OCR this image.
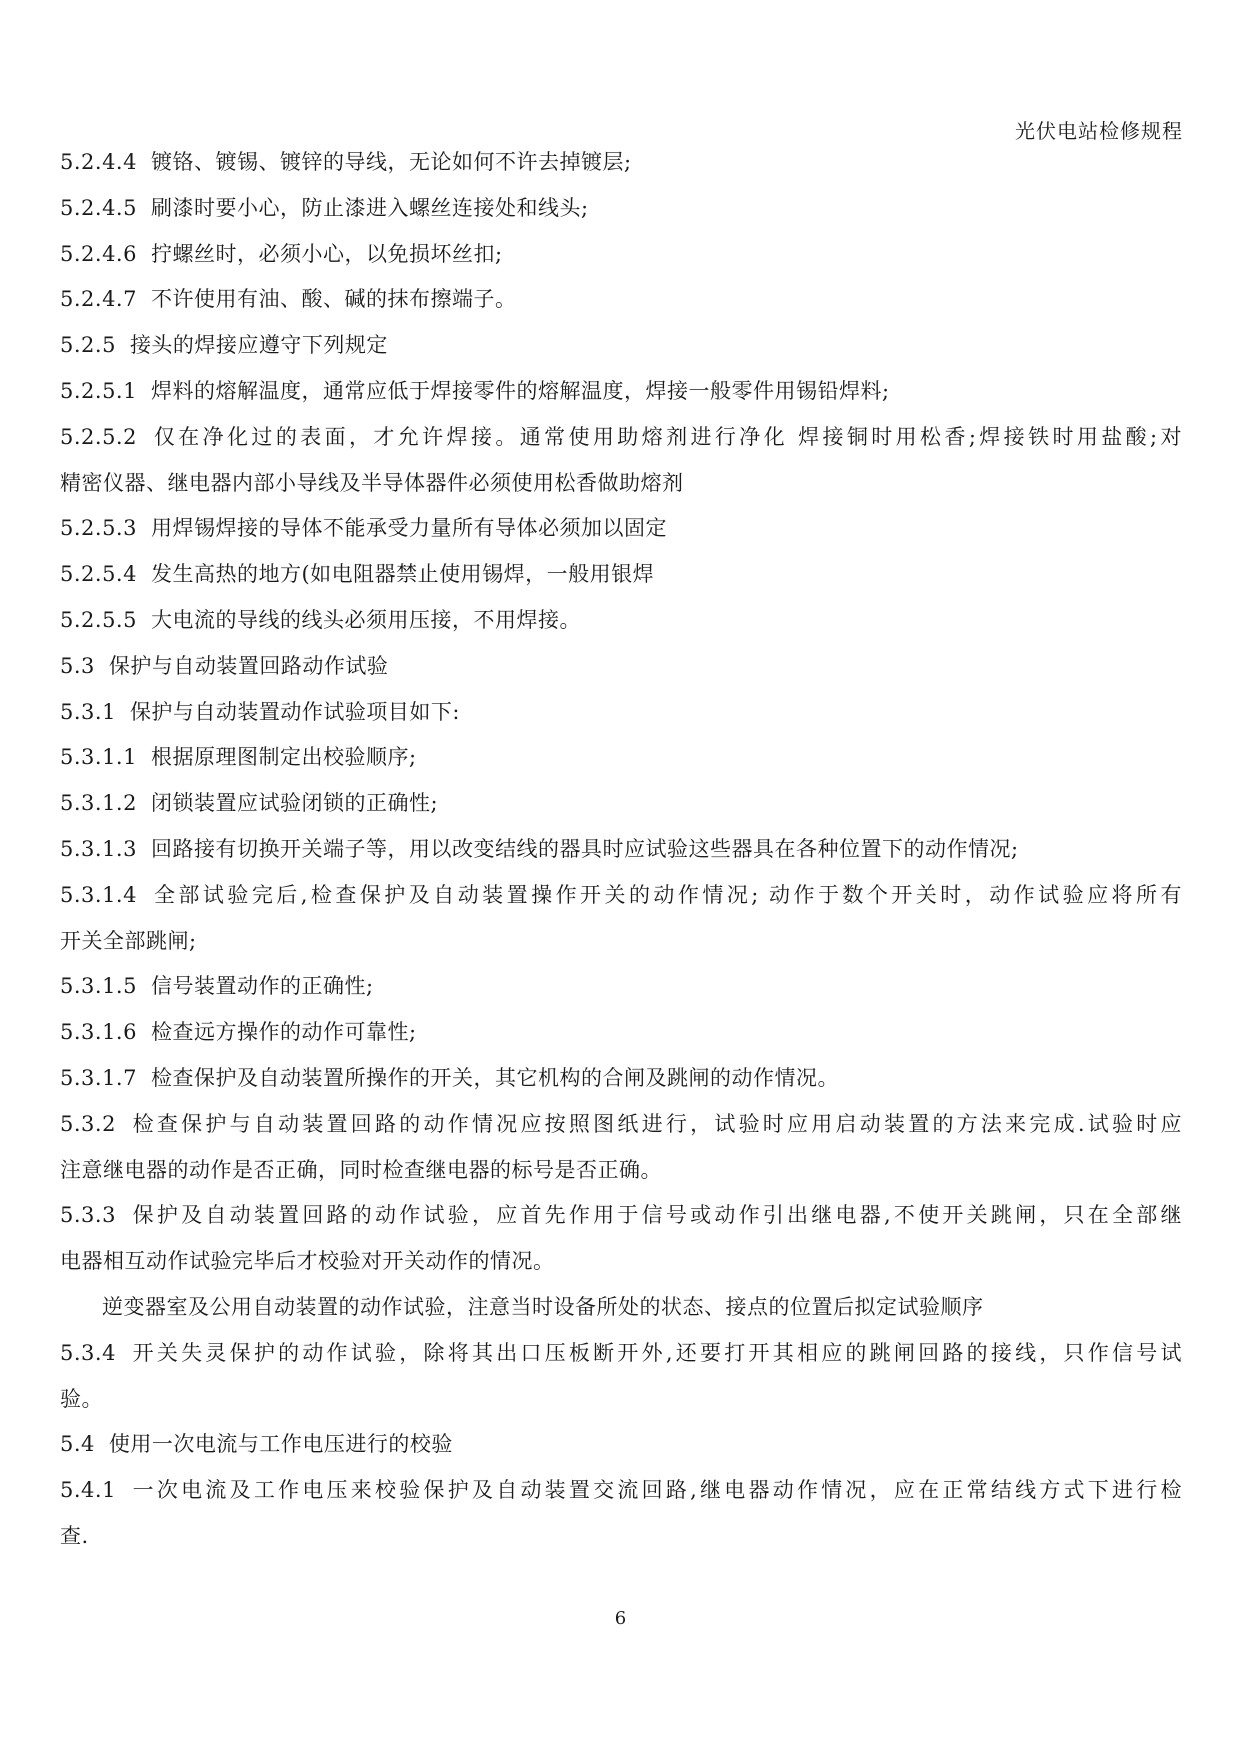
光伏电站检修规程
5.2.4.4 镀铬、镀锡、镀锌的导线，无论如何不许去掉镀层;
5.2.4.5 刷漆时要小心，防止漆进入螺丝连接处和线头;
5.2.4.6 拧螺丝时，必须小心，以免损坏丝扣;
5.2.4.7 不许使用有油、酸、碱的抹布擦端子。
5.2.5 接头的焊接应遵守下列规定
5.2.5.1 焊料的熔解温度，通常应低于焊接零件的熔解温度，焊接一般零件用锡铅焊料;
5.2.5.2 仅在净化过的表面，才允许焊接。通常使用助熔剂进行净化 焊接铜时用松香;焊接铁时用盐酸;对
精密仪器、继电器内部小导线及半导体器件必须使用松香做助熔剂
5.2.5.3 用焊锡焊接的导体不能承受力量所有导体必须加以固定
5.2.5.4 发生高热的地方(如电阻器禁止使用锡焊，一般用银焊
5.2.5.5 大电流的导线的线头必须用压接，不用焊接。
5.3 保护与自动装置回路动作试验
5.3.1 保护与自动装置动作试验项目如下:
5.3.1.1 根据原理图制定出校验顺序;
5.3.1.2 闭锁装置应试验闭锁的正确性;
5.3.1.3 回路接有切换开关端子等，用以改变结线的器具时应试验这些器具在各种位置下的动作情况;
5.3.1.4 全部试验完后,检查保护及自动装置操作开关的动作情况; 动作于数个开关时，动作试验应将所有
开关全部跳闸;
5.3.1.5 信号装置动作的正确性;
5.3.1.6 检查远方操作的动作可靠性;
5.3.1.7 检查保护及自动装置所操作的开关，其它机构的合闸及跳闸的动作情况。
5.3.2 检查保护与自动装置回路的动作情况应按照图纸进行，试验时应用启动装置的方法来完成.试验时应
注意继电器的动作是否正确，同时检查继电器的标号是否正确。
5.3.3 保护及自动装置回路的动作试验，应首先作用于信号或动作引出继电器,不使开关跳闸，只在全部继
电器相互动作试验完毕后才校验对开关动作的情况。
逆变器室及公用自动装置的动作试验，注意当时设备所处的状态、接点的位置后拟定试验顺序
5.3.4 开关失灵保护的动作试验，除将其出口压板断开外,还要打开其相应的跳闸回路的接线，只作信号试
验。
5.4 使用一次电流与工作电压进行的校验
5.4.1 一次电流及工作电压来校验保护及自动装置交流回路,继电器动作情况，应在正常结线方式下进行检
查.
6
